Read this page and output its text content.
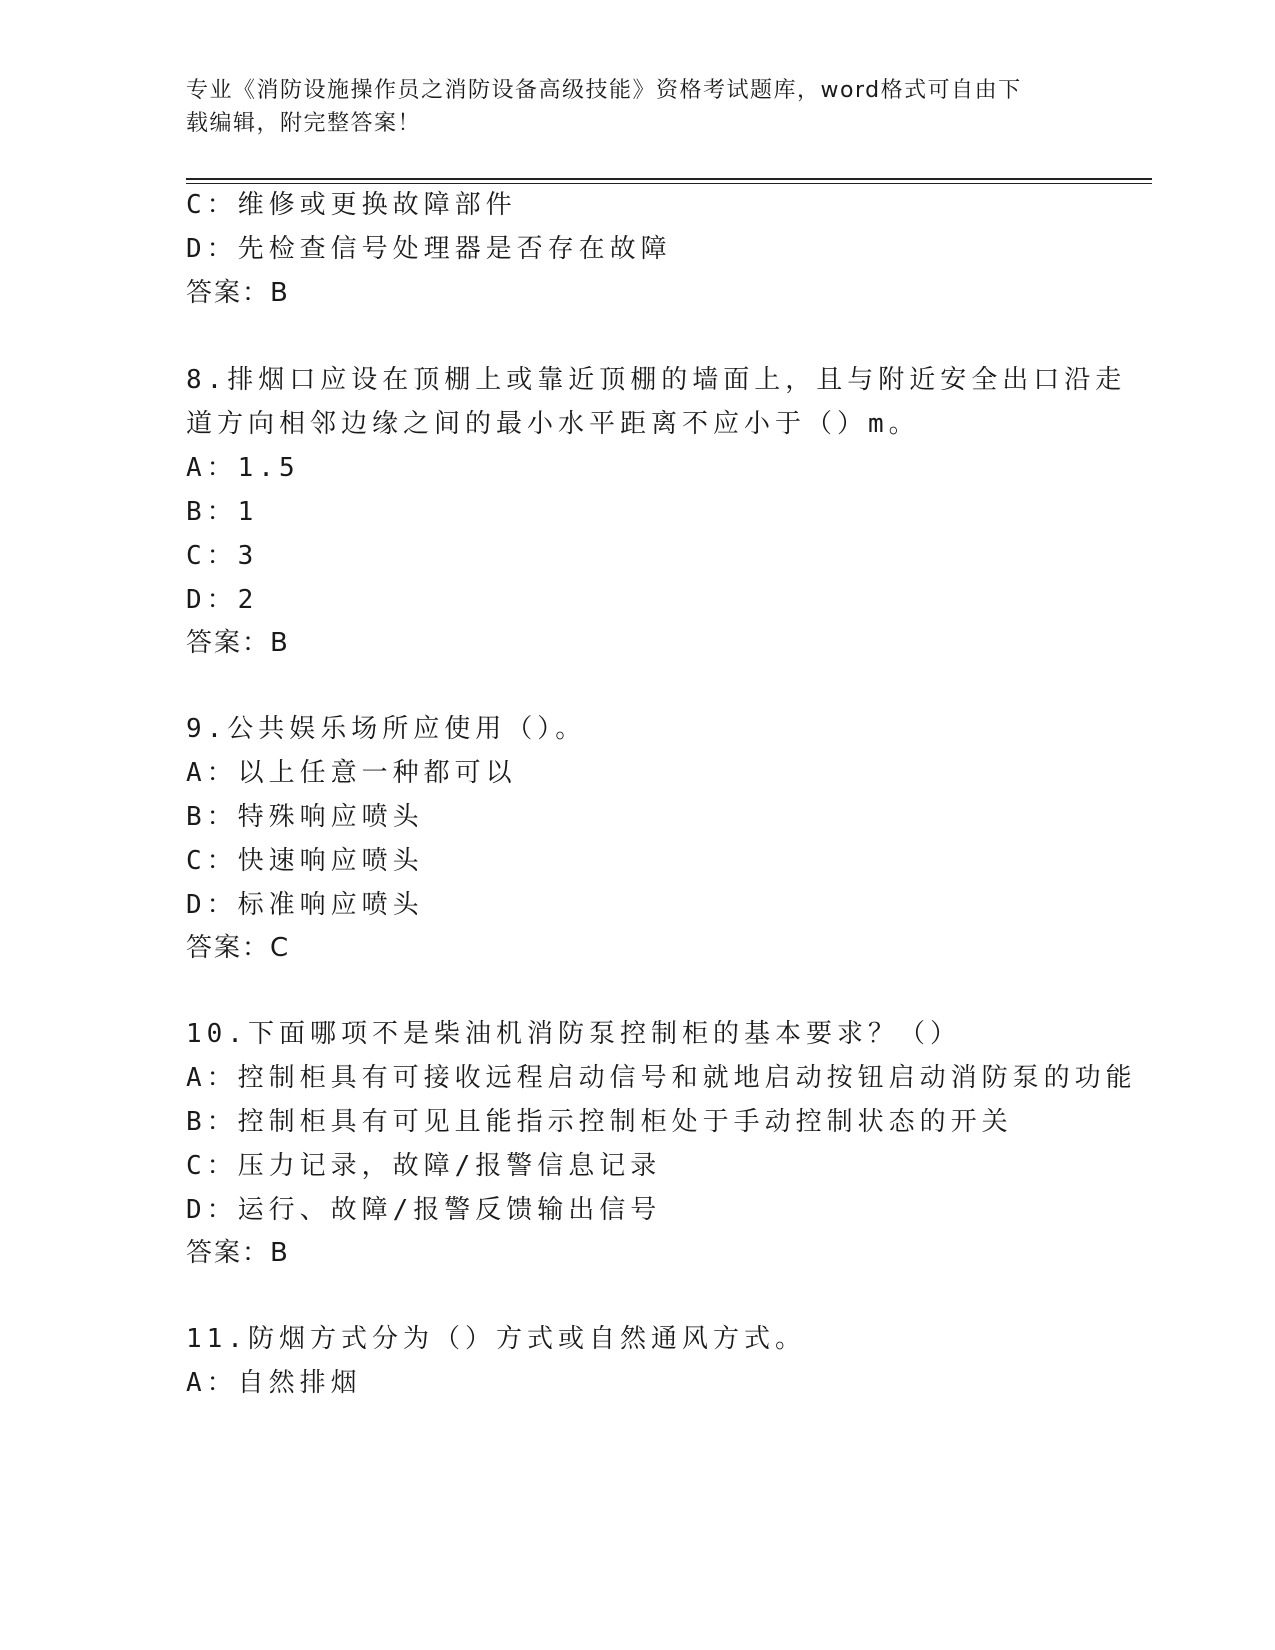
专业《消防设施操作员之消防设备高级技能》资格考试题库，word格式可自由下
载编辑，附完整答案！
C：维修或更换故障部件
D：先检查信号处理器是否存在故障
答案：B
8.排烟口应设在顶棚上或靠近顶棚的墙面上，且与附近安全出口沿走
道方向相邻边缘之间的最小水平距离不应小于（）m。
A：1.5
B：1
C：3
D：2
答案：B
9.公共娱乐场所应使用（）。
A：以上任意一种都可以
B：特殊响应喷头
C：快速响应喷头
D：标准响应喷头
答案：C
10.下面哪项不是柴油机消防泵控制柜的基本要求？（）
A：控制柜具有可接收远程启动信号和就地启动按钮启动消防泵的功能
B：控制柜具有可见且能指示控制柜处于手动控制状态的开关
C：压力记录，故障/报警信息记录
D：运行、故障/报警反馈输出信号
答案：B
11.防烟方式分为（）方式或自然通风方式。
A：自然排烟
